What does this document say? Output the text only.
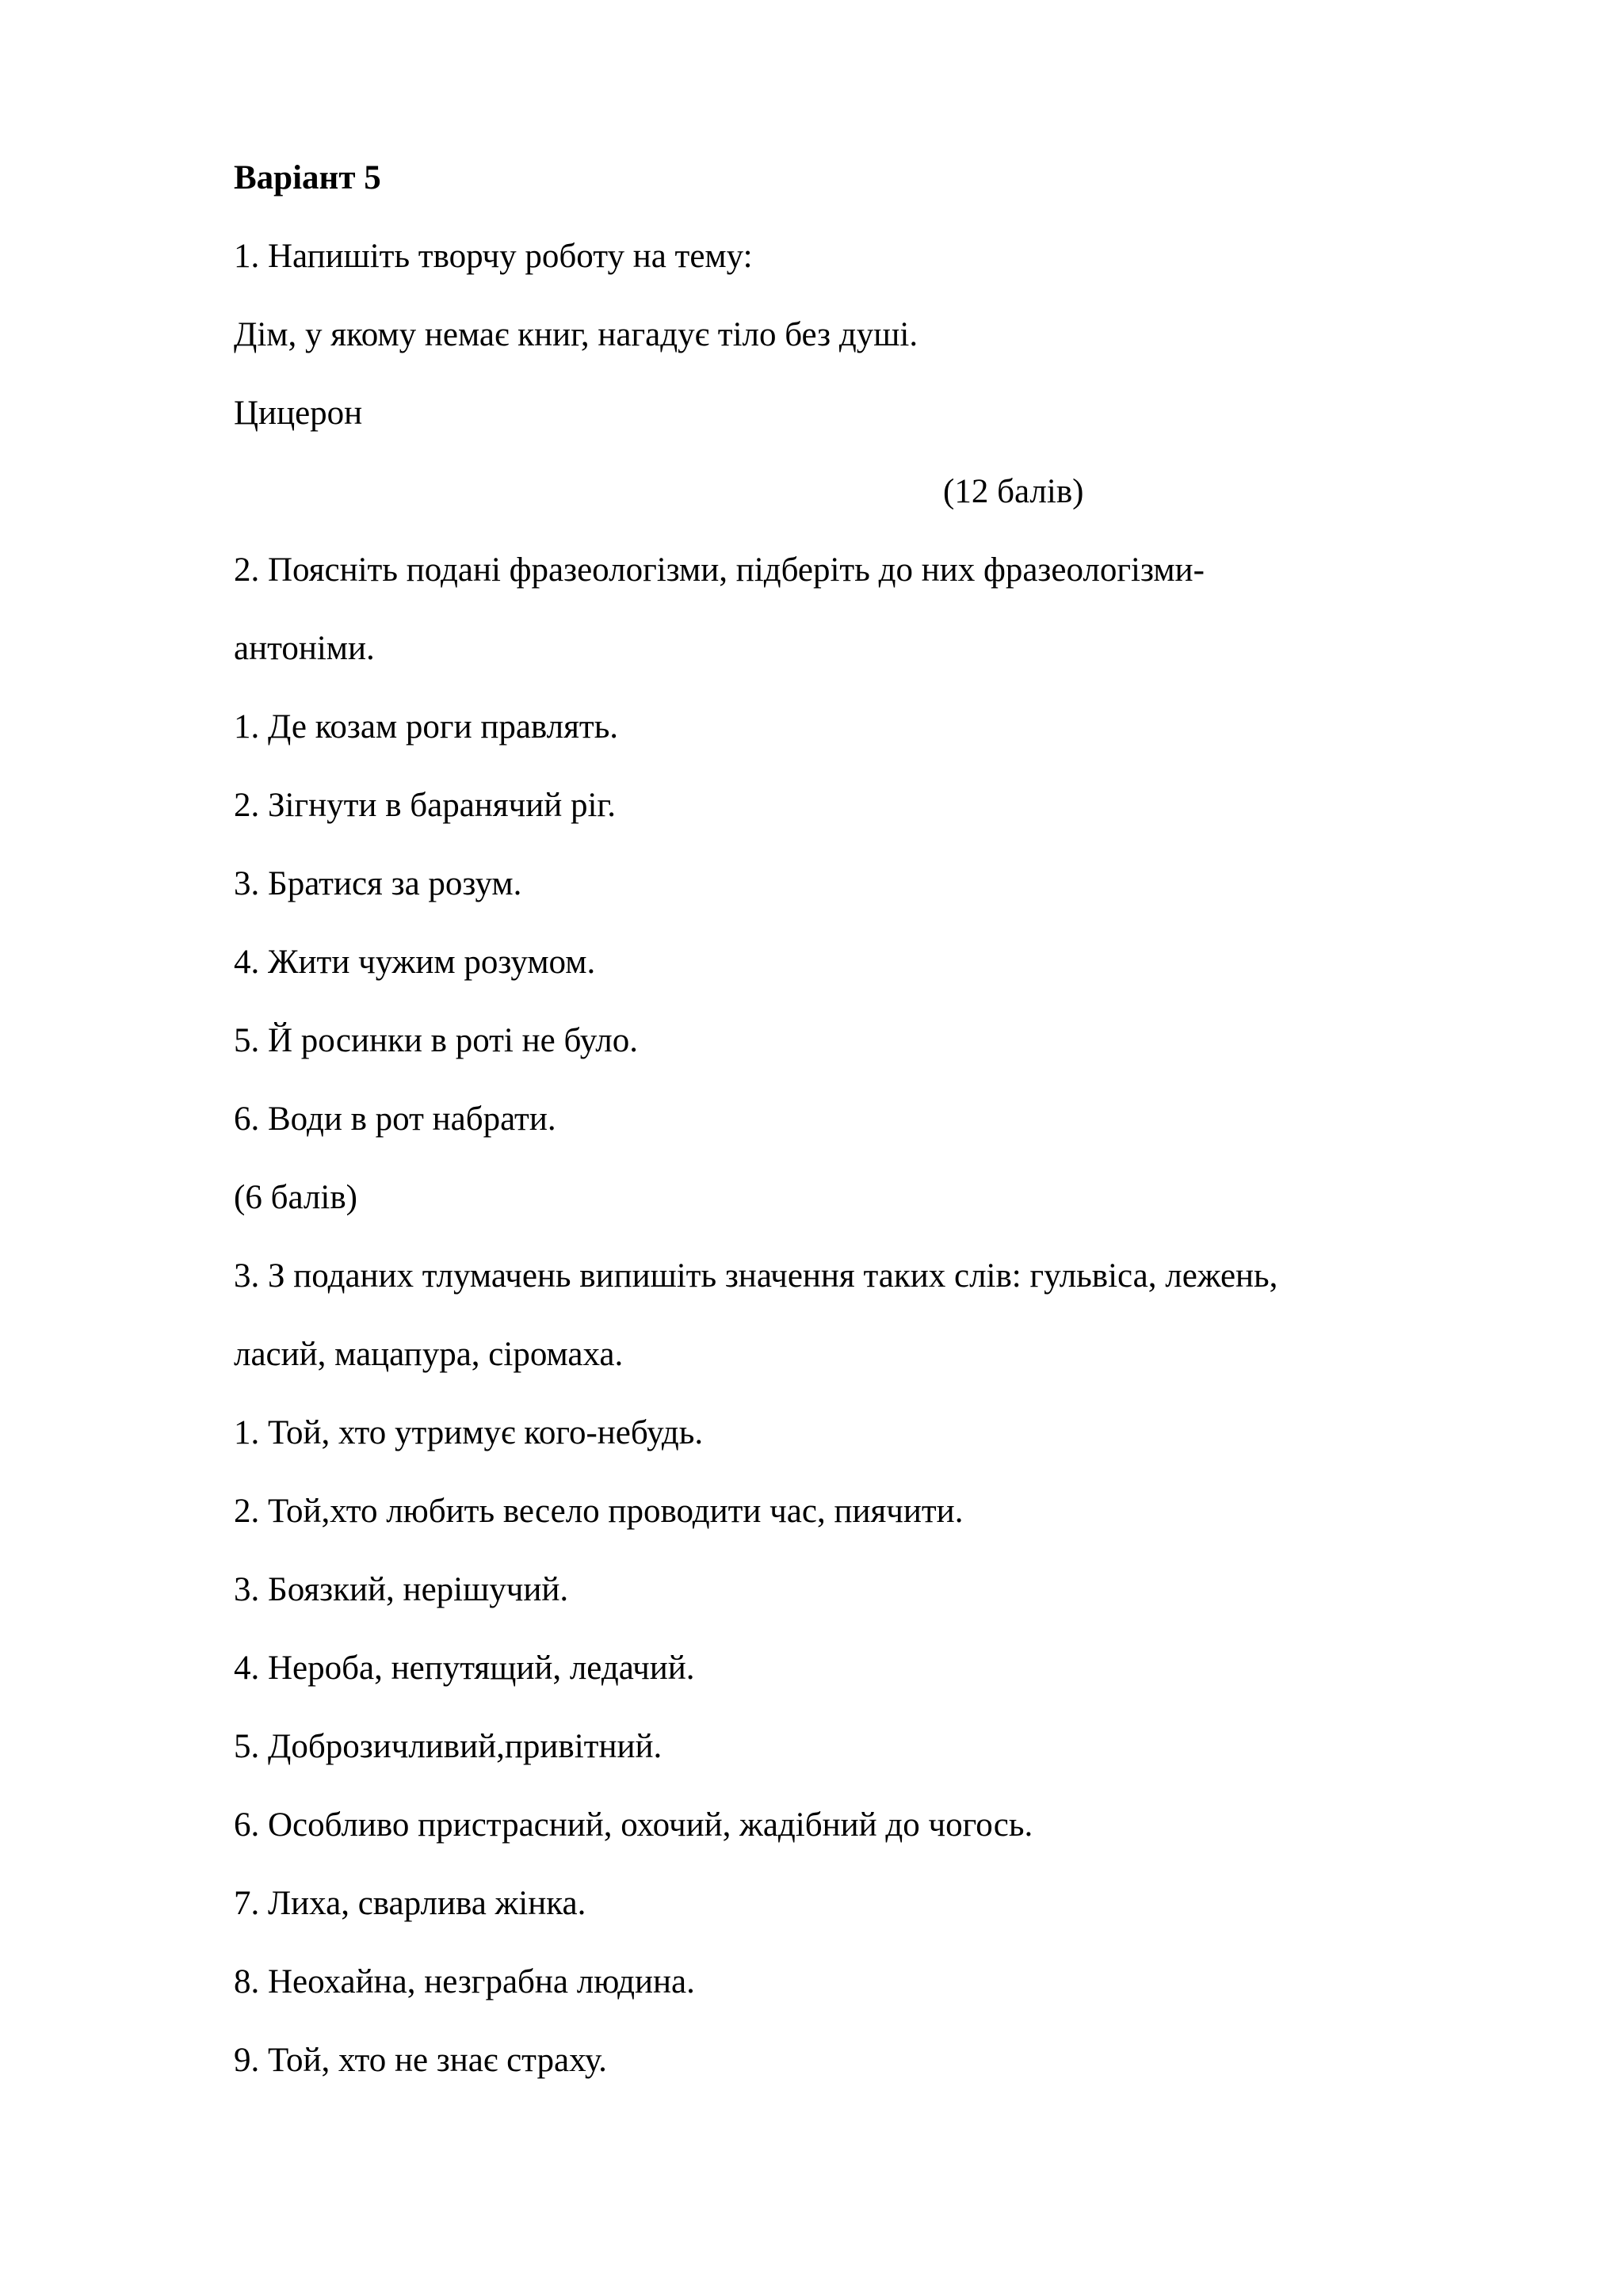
Варіант 5

1. Напишіть творчу роботу на тему:

Дім, у якому немає книг, нагадує тіло без душі.

Цицерон

(12 балів)

2. Поясніть подані фразеологізми, підберіть до них фразеологізми-

антоніми.

1. Де козам роги правлять.

2. Зігнути в баранячий ріг.

3. Братися за розум.

4. Жити чужим розумом.

5. Й росинки в роті не було.

6. Води в рот набрати.

(6 балів)

3. З поданих тлумачень випишіть значення таких слів: гульвіса, лежень,

ласий, мацапура, сіромаха.

1. Той, хто утримує кого-небудь.

2. Той,хто любить весело проводити час, пиячити.

3. Боязкий, нерішучий.

4. Нероба, непутящий, ледачий.

5. Доброзичливий,привітний.

6. Особливо пристрасний, охочий, жадібний до чогось.

7. Лиха, сварлива жінка.

8. Неохайна, незграбна людина.

9. Той, хто не знає страху.
